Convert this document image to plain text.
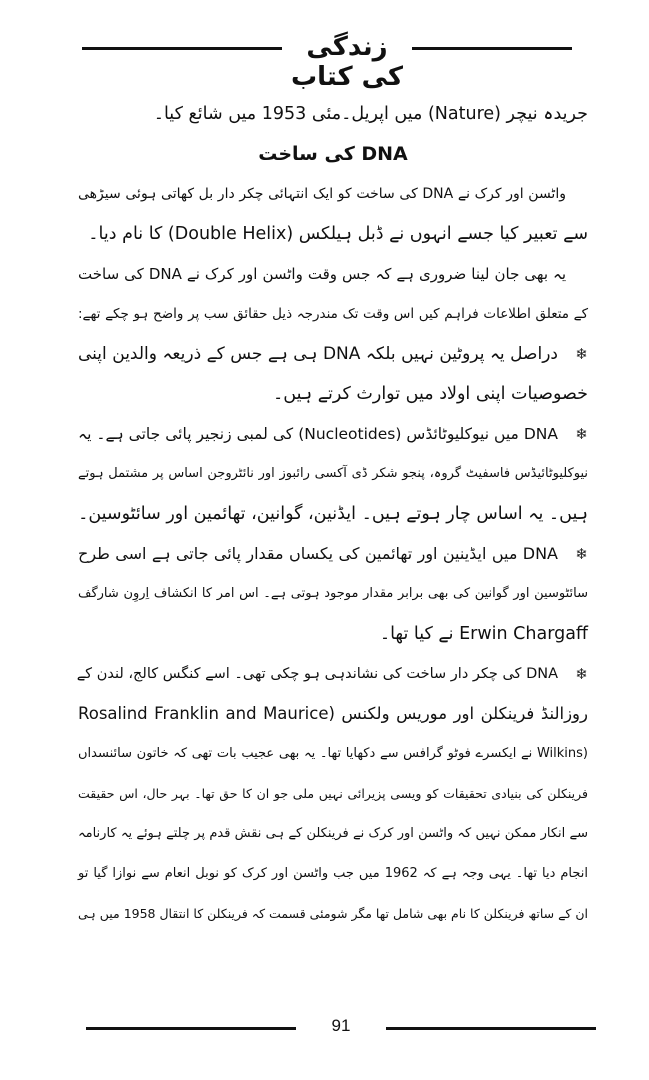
زندگی کی کتاب
جریدہ نیچر (Nature) میں اپریل۔مئی 1953 میں شائع کیا۔
DNA کی ساخت
واٹسن اور کرک نے DNA کی ساخت کو ایک انتہائی چکر دار بل کھاتی ہوئی سیڑھی
سے تعبیر کیا جسے انہوں نے ڈبل ہیلکس (Double Helix) کا نام دیا۔
یہ بھی جان لینا ضروری ہے کہ جس وقت واٹسن اور کرک نے DNA کی ساخت
کے متعلق اطلاعات فراہم کیں اس وقت تک مندرجہ ذیل حقائق سب پر واضح ہو چکے تھے:
❄
دراصل یہ پروٹین نہیں بلکہ DNA ہی ہے جس کے ذریعہ والدین اپنی
خصوصیات اپنی اولاد میں توارث کرتے ہیں۔
❄
DNA میں نیوکلیوٹائڈس (Nucleotides) کی لمبی زنجیر پائی جاتی ہے۔ یہ
نیوکلیوٹائیڈس فاسفیٹ گروہ، پنجو شکر ڈی آکسی رائبوز اور نائٹروجن اساس پر مشتمل ہوتے
ہیں۔ یہ اساس چار ہوتے ہیں۔ ایڈنین، گوانین، تھائمین اور سائٹوسین۔
❄
DNA میں ایڈینین اور تھائمین کی یکساں مقدار پائی جاتی ہے اسی طرح
سائٹوسین اور گوانین کی بھی برابر مقدار موجود ہوتی ہے۔ اس امر کا انکشاف اِروِن شارگف
Erwin Chargaff نے کیا تھا۔
❄
DNA کی چکر دار ساخت کی نشاندہی ہو چکی تھی۔ اسے کنگس کالج، لندن کے
روزالنڈ فرینکلن اور موریس ولکنس (Rosalind Franklin and Maurice
(Wilkins نے ایکسرے فوٹو گرافس سے دکھایا تھا۔ یہ بھی عجیب بات تھی کہ خاتون سائنسداں
فرینکلن کی بنیادی تحقیقات کو ویسی پزیرائی نہیں ملی جو ان کا حق تھا۔ بہر حال، اس حقیقت
سے انکار ممکن نہیں کہ واٹسن اور کرک نے فرینکلن کے ہی نقش قدم پر چلتے ہوئے یہ کارنامہ
انجام دیا تھا۔ یہی وجہ ہے کہ 1962 میں جب واٹسن اور کرک کو نوبل انعام سے نوازا گیا تو
ان کے ساتھ فرینکلن کا نام بھی شامل تھا مگر شومئی قسمت کہ فرینکلن کا انتقال 1958 میں ہی
91
